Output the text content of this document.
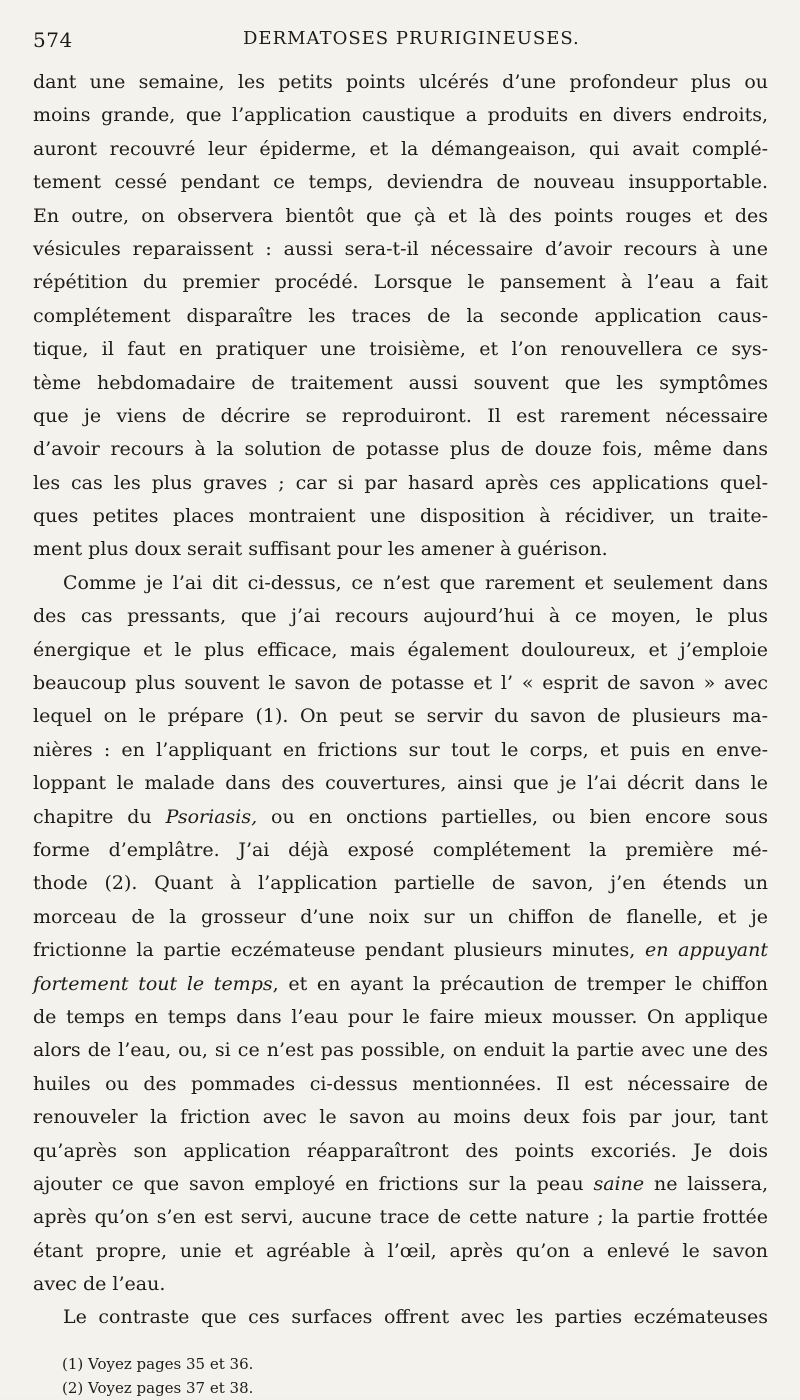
574	DERMATOSES PRURIGINEUSES.
dant une semaine, les petits points ulcérés d’une profondeur plus ou
moins grande, que l’application caustique a produits en divers endroits,
auront recouvré leur épiderme, et la démangeaison, qui avait complé-
tement cessé pendant ce temps, deviendra de nouveau insupportable.
En outre, on observera bientôt que çà et là des points rouges et des
vésicules reparaissent : aussi sera-t-il nécessaire d’avoir recours à une
répétition du premier procédé. Lorsque le pansement à l’eau a fait
complétement disparaître les traces de la seconde application caus-
tique, il faut en pratiquer une troisième, et l’on renouvellera ce sys-
tème hebdomadaire de traitement aussi souvent que les symptômes
que je viens de décrire se reproduiront. Il est rarement nécessaire
d’avoir recours à la solution de potasse plus de douze fois, même dans
les cas les plus graves ; car si par hasard après ces applications quel-
ques petites places montraient une disposition à récidiver, un traite-
ment plus doux serait suffisant pour les amener à guérison.
Comme je l’ai dit ci-dessus, ce n’est que rarement et seulement dans
des cas pressants, que j’ai recours aujourd’hui à ce moyen, le plus
énergique et le plus efficace, mais également douloureux, et j’emploie
beaucoup plus souvent le savon de potasse et l’ « esprit de savon » avec
lequel on le prépare (1). On peut se servir du savon de plusieurs ma-
nières : en l’appliquant en frictions sur tout le corps, et puis en enve-
loppant le malade dans des couvertures, ainsi que je l’ai décrit dans le
chapitre du Psoriasis, ou en onctions partielles, ou bien encore sous
forme d’emplâtre. J’ai déjà exposé complétement la première mé-
thode (2). Quant à l’application partielle de savon, j’en étends un
morceau de la grosseur d’une noix sur un chiffon de flanelle, et je
frictionne la partie eczémateuse pendant plusieurs minutes, en appuyant
fortement tout le temps, et en ayant la précaution de tremper le chiffon
de temps en temps dans l’eau pour le faire mieux mousser. On applique
alors de l’eau, ou, si ce n’est pas possible, on enduit la partie avec une des
huiles ou des pommades ci-dessus mentionnées. Il est nécessaire de
renouveler la friction avec le savon au moins deux fois par jour, tant
qu’après son application réapparaîtront des points excoriés. Je dois
ajouter ce que savon employé en frictions sur la peau saine ne laissera,
après qu’on s’en est servi, aucune trace de cette nature ; la partie frottée
étant propre, unie et agréable à l’œil, après qu’on a enlevé le savon
avec de l’eau.
Le contraste que ces surfaces offrent avec les parties eczémateuses
(1) Voyez pages 35 et 36.
(2) Voyez pages 37 et 38.
